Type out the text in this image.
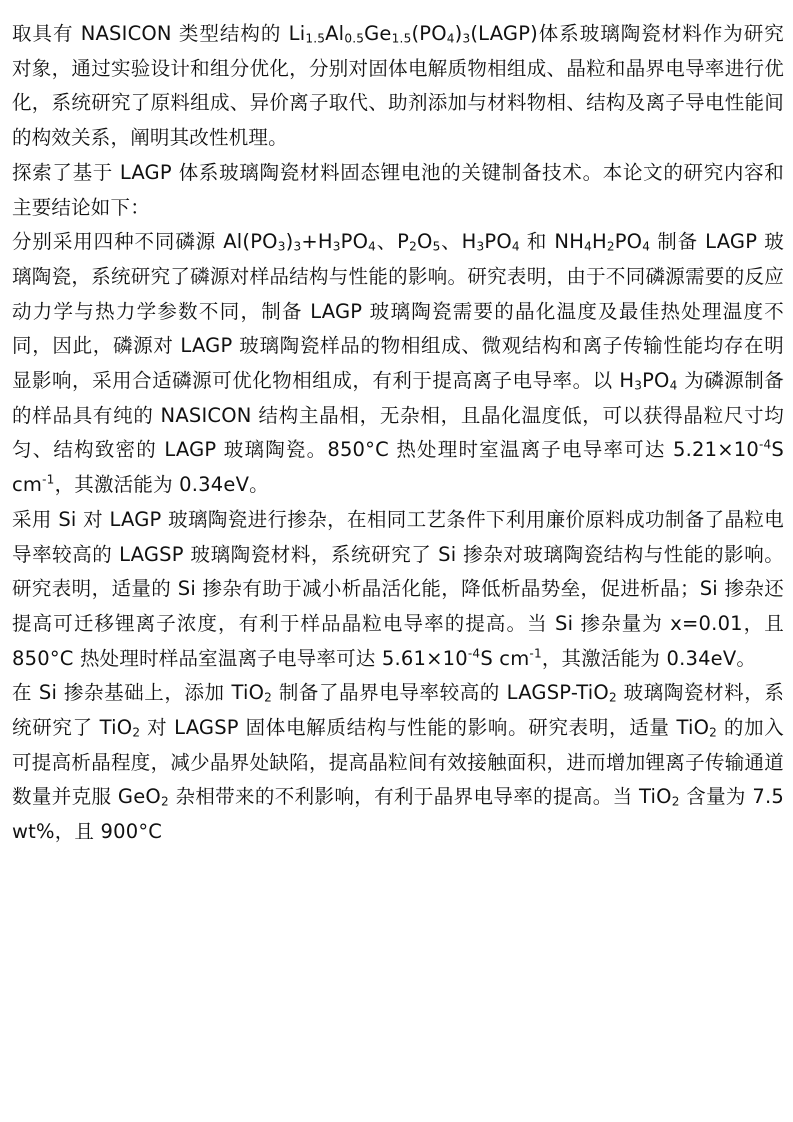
取具有 NASICON 类型结构的 $Li_{1.5}Al_{0.5}Ge_{1.5}(PO_4)_3(LAGP)$体系玻璃陶瓷材料作为研究对象，通过实验设计和组分优化，分别对固体电解质物相组成、晶粒和晶界电导率进行优化，系统研究了原料组成、异价离子取代、助剂添加与材料物相、结构及离子导电性能间的构效关系，阐明其改性机理。

探索了基于 LAGP 体系玻璃陶瓷材料固态锂电池的关键制备技术。本论文的研究内容和主要结论如下：

分别采用四种不同磷源 $Al(PO_3)_3+H_3PO_4$、$P_2O_5$、$H_3PO_4$ 和 $NH_4H_2PO_4$ 制备 LAGP 玻璃陶瓷，系统研究了磷源对样品结构与性能的影响。研究表明，由于不同磷源需要的反应动力学与热力学参数不同，制备 LAGP 玻璃陶瓷需要的晶化温度及最佳热处理温度不同，因此，磷源对 LAGP 玻璃陶瓷样品的物相组成、微观结构和离子传输性能均存在明显影响，采用合适磷源可优化物相组成，有利于提高离子电导率。以 $H_3PO_4$ 为磷源制备的样品具有纯的 NASICON 结构主晶相，无杂相，且晶化温度低，可以获得晶粒尺寸均匀、结构致密的 LAGP 玻璃陶瓷。850°C 热处理时室温离子电导率可达 $5.21\times 10^{-4}S$ $cm^{-1}$，其激活能为 0.34eV。

采用 Si 对 LAGP 玻璃陶瓷进行掺杂，在相同工艺条件下利用廉价原料成功制备了晶粒电导率较高的 LAGSP 玻璃陶瓷材料，系统研究了 Si 掺杂对玻璃陶瓷结构与性能的影响。研究表明，适量的 Si 掺杂有助于减小析晶活化能，降低析晶势垒，促进析晶；Si 掺杂还提高可迁移锂离子浓度，有利于样品晶粒电导率的提高。当 Si 掺杂量为 x=0.01，且 850°C 热处理时样品室温离子电导率可达 $5.61\times 10^{-4}S$ $cm^{-1}$，其激活能为 0.34eV。

在 Si 掺杂基础上，添加 TiO$_2$ 制备了晶界电导率较高的 LAGSP-TiO$_2$ 玻璃陶瓷材料，系统研究了 TiO$_2$ 对 LAGSP 固体电解质结构与性能的影响。研究表明，适量 TiO$_2$ 的加入可提高析晶程度，减少晶界处缺陷，提高晶粒间有效接触面积，进而增加锂离子传输通道数量并克服 GeO$_2$ 杂相带来的不利影响，有利于晶界电导率的提高。当 TiO$_2$ 含量为 7.5 wt%，且 900°C
